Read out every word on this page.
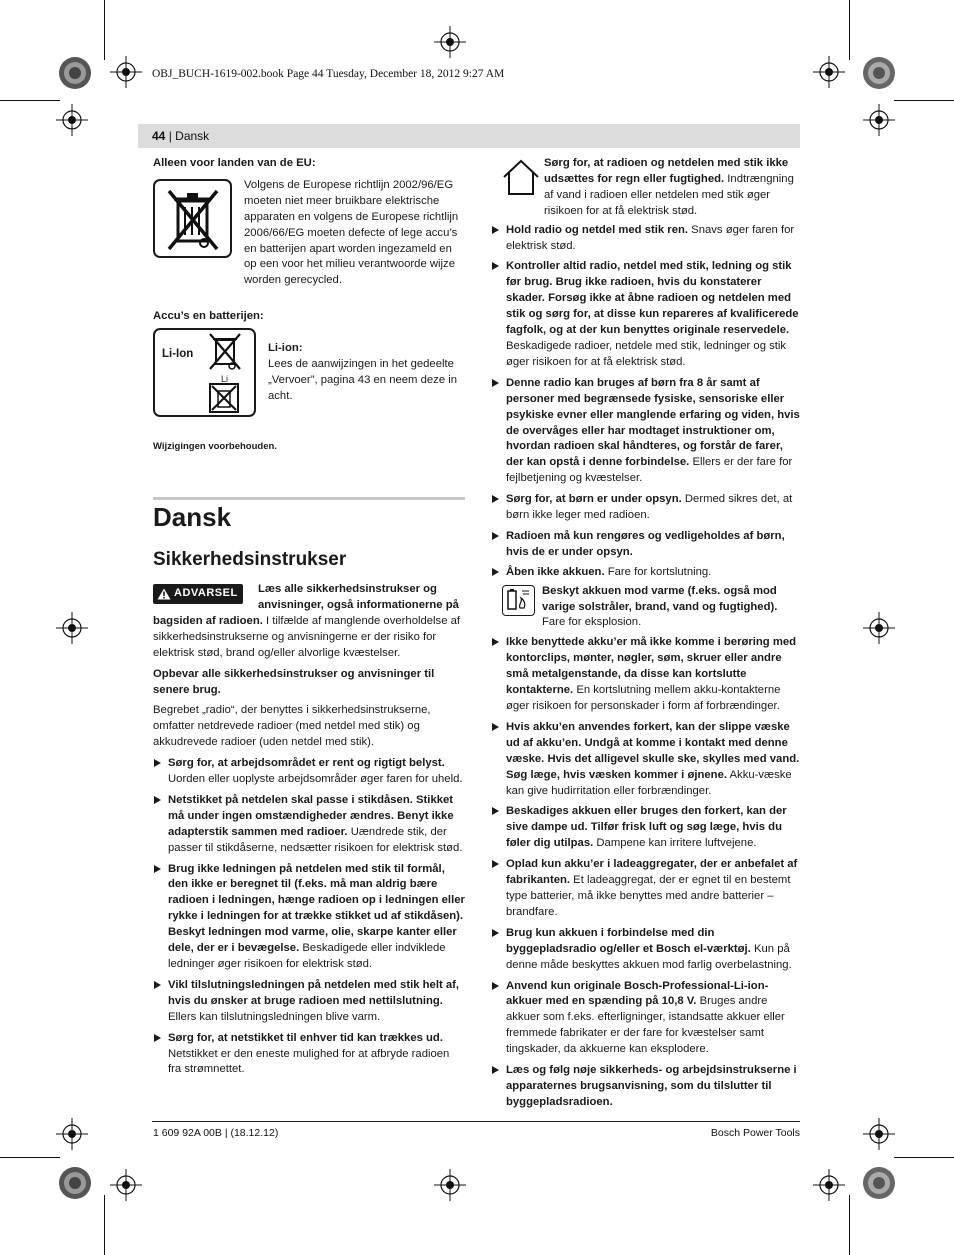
OBJ_BUCH-1619-002.book Page 44 Tuesday, December 18, 2012 9:27 AM
44 | Dansk

Alleen voor landen van de EU:

Volgens de Europese richtlijn 2002/96/EG moeten niet meer bruikbare elektrische apparaten en volgens de Europese richtlijn 2006/66/EG moeten defecte of lege accu’s en batterijen apart worden ingezameld en op een voor het milieu verantwoorde wijze worden gerecycled.

Accu’s en batterijen:

Li-Ion
Li

Li-ion:

Lees de aanwijzingen in het gedeelte „Vervoer”, pagina 43 en neem deze in acht.

Wijzigingen voorbehouden.

Dansk

Sikkerhedsinstrukser

ADVARSEL	Læs alle sikkerhedsinstrukser og anvisninger, også informationerne på

bagsiden af radioen. I tilfælde af manglende overholdelse af sikkerhedsinstrukserne og anvisningerne er der risiko for elektrisk stød, brand og/eller alvorlige kvæstelser.

Opbevar alle sikkerhedsinstrukser og anvisninger til senere brug.

Begrebet „radio“, der benyttes i sikkerhedsinstrukserne, omfatter netdrevede radioer (med netdel med stik) og akkudrevede radioer (uden netdel med stik).

Sørg for, at arbejdsområdet er rent og rigtigt belyst. Uorden eller uoplyste arbejdsområder øger faren for uheld.
Netstikket på netdelen skal passe i stikdåsen. Stikket må under ingen omstændigheder ændres. Benyt ikke adapterstik sammen med radioer. Uændrede stik, der passer til stikdåserne, nedsætter risikoen for elektrisk stød.
Brug ikke ledningen på netdelen med stik til formål, den ikke er beregnet til (f.eks. må man aldrig bære radioen i ledningen, hænge radioen op i ledningen eller rykke i ledningen for at trække stikket ud af stikdåsen). Beskyt ledningen mod varme, olie, skarpe kanter eller dele, der er i bevægelse. Beskadigede eller indviklede ledninger øger risikoen for elektrisk stød.
Vikl tilslutningsledningen på netdelen med stik helt af, hvis du ønsker at bruge radioen med nettilslutning. Ellers kan tilslutningsledningen blive varm.
Sørg for, at netstikket til enhver tid kan trækkes ud. Netstikket er den eneste mulighed for at afbryde radioen fra strømnettet.

Sørg for, at radioen og netdelen med stik ikke udsættes for regn eller fugtighed. Indtrængning af vand i radioen eller netdelen med stik øger risikoen for at få elektrisk stød.

Hold radio og netdel med stik ren. Snavs øger faren for elektrisk stød.
Kontroller altid radio, netdel med stik, ledning og stik før brug. Brug ikke radioen, hvis du konstaterer skader. Forsøg ikke at åbne radioen og netdelen med stik og sørg for, at disse kun repareres af kvalificerede fagfolk, og at der kun benyttes originale reservedele. Beskadigede radioer, netdele med stik, ledninger og stik øger risikoen for at få elektrisk stød.
Denne radio kan bruges af børn fra 8 år samt af personer med begrænsede fysiske, sensoriske eller psykiske evner eller manglende erfaring og viden, hvis de overvåges eller har modtaget instruktioner om, hvordan radioen skal håndteres, og forstår de farer, der kan opstå i denne forbindelse. Ellers er der fare for fejlbetjening og kvæstelser.
Sørg for, at børn er under opsyn. Dermed sikres det, at børn ikke leger med radioen.
Radioen må kun rengøres og vedligeholdes af børn, hvis de er under opsyn.
Åben ikke akkuen. Fare for kortslutning.

Beskyt akkuen mod varme (f.eks. også mod varige solstråler, brand, vand og fugtighed).

Fare for eksplosion.

Ikke benyttede akku’er må ikke komme i berøring med kontorclips, mønter, nøgler, søm, skruer eller andre små metalgenstande, da disse kan kortslutte kontakterne. En kortslutning mellem akku-kontakterne øger risikoen for personskader i form af forbrændinger.
Hvis akku’en anvendes forkert, kan der slippe væske ud af akku’en. Undgå at komme i kontakt med denne væske. Hvis det alligevel skulle ske, skylles med vand. Søg læge, hvis væsken kommer i øjnene. Akku-væske kan give hudirritation eller forbrændinger.
Beskadiges akkuen eller bruges den forkert, kan der sive dampe ud. Tilfør frisk luft og søg læge, hvis du føler dig utilpas. Dampene kan irritere luftvejene.
Oplad kun akku’er i ladeaggregater, der er anbefalet af fabrikanten. Et ladeaggregat, der er egnet til en bestemt type batterier, må ikke benyttes med andre batterier – brandfare.
Brug kun akkuen i forbindelse med din byggepladsradio og/eller et Bosch el-værktøj. Kun på denne måde beskyttes akkuen mod farlig overbelastning.
Anvend kun originale Bosch-Professional-Li-ion-akkuer med en spænding på 10,8 V. Bruges andre akkuer som f.eks. efterligninger, istandsatte akkuer eller fremmede fabrikater er der fare for kvæstelser samt tingskader, da akkuerne kan eksplodere.
Læs og følg nøje sikkerheds- og arbejdsinstrukserne i apparaternes brugsanvisning, som du tilslutter til byggepladsradioen.
1 609 92A 00B | (18.12.12)	Bosch Power Tools
